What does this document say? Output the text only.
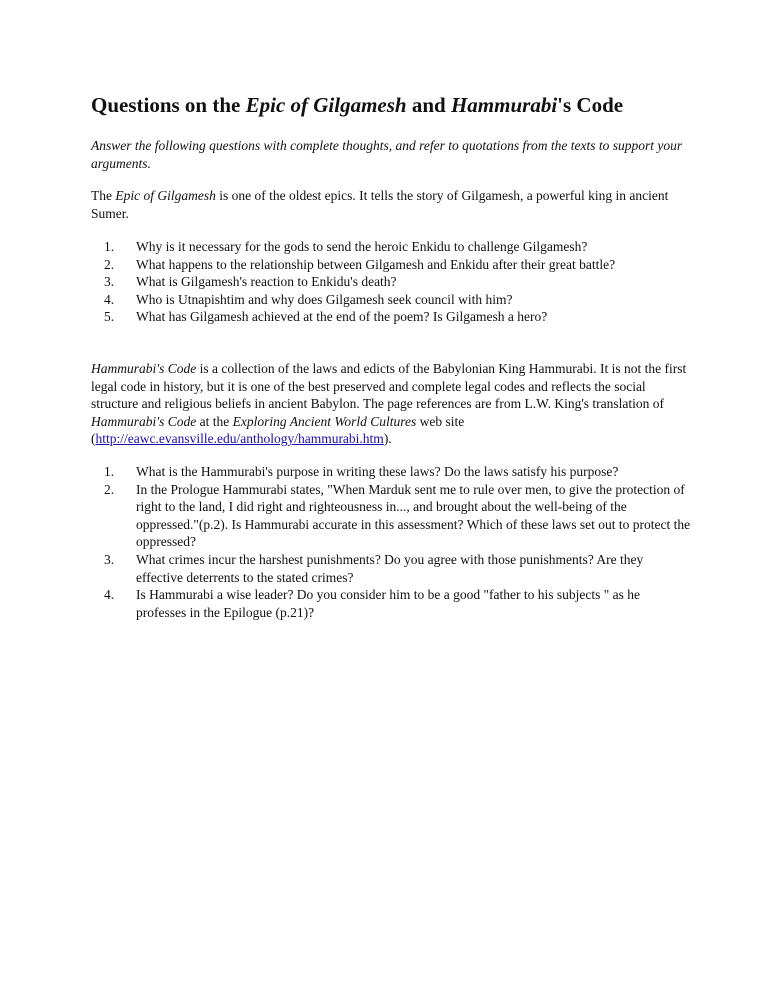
Questions on the Epic of Gilgamesh and Hammurabi's Code

Answer the following questions with complete thoughts, and refer to quotations from the texts to support your arguments.

The Epic of Gilgamesh is one of the oldest epics. It tells the story of Gilgamesh, a powerful king in ancient Sumer.

1. Why is it necessary for the gods to send the heroic Enkidu to challenge Gilgamesh?
2. What happens to the relationship between Gilgamesh and Enkidu after their great battle?
3. What is Gilgamesh's reaction to Enkidu's death?
4. Who is Utnapishtim and why does Gilgamesh seek council with him?
5. What has Gilgamesh achieved at the end of the poem? Is Gilgamesh a hero?

Hammurabi's Code is a collection of the laws and edicts of the Babylonian King Hammurabi. It is not the first legal code in history, but it is one of the best preserved and complete legal codes and reflects the social structure and religious beliefs in ancient Babylon. The page references are from L.W. King's translation of Hammurabi's Code at the Exploring Ancient World Cultures web site (http://eawc.evansville.edu/anthology/hammurabi.htm).

1. What is the Hammurabi's purpose in writing these laws? Do the laws satisfy his purpose?
2. In the Prologue Hammurabi states, "When Marduk sent me to rule over men, to give the protection of right to the land, I did right and righteousness in..., and brought about the well-being of the oppressed."(p.2). Is Hammurabi accurate in this assessment? Which of these laws set out to protect the oppressed?
3. What crimes incur the harshest punishments? Do you agree with those punishments? Are they effective deterrents to the stated crimes?
4. Is Hammurabi a wise leader? Do you consider him to be a good "father to his subjects " as he professes in the Epilogue (p.21)?
